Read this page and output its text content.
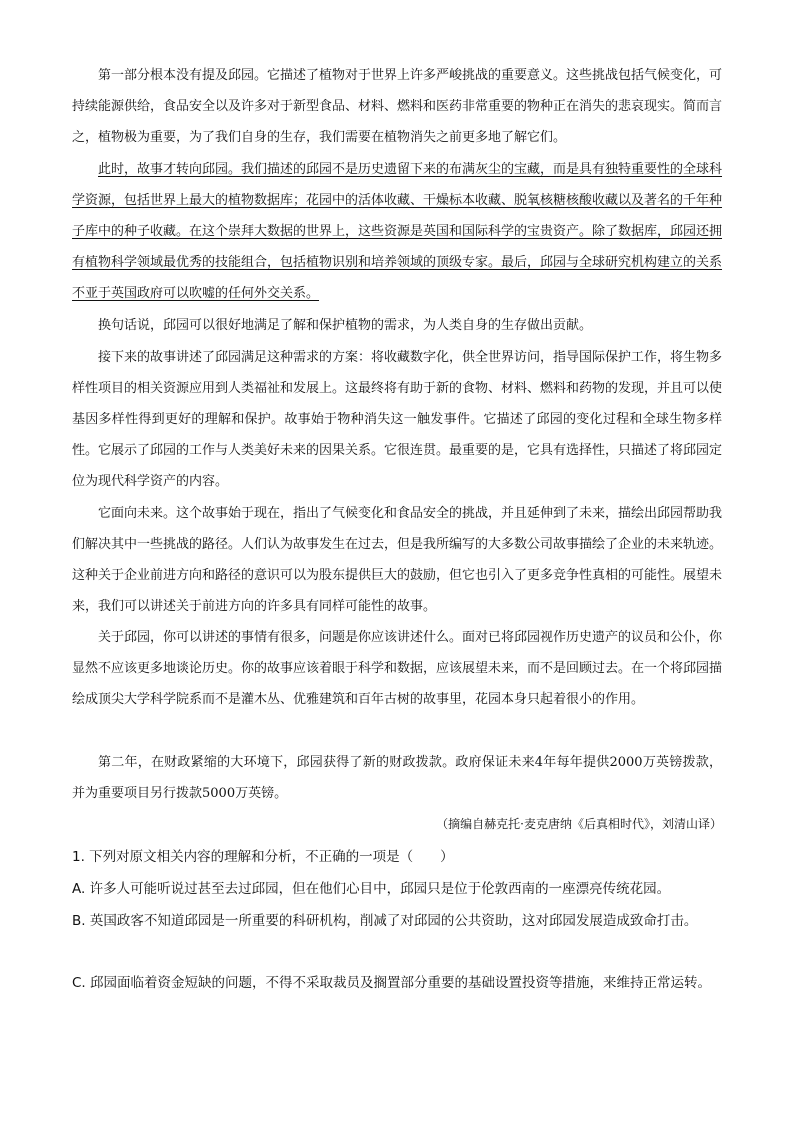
第一部分根本没有提及邱园。它描述了植物对于世界上许多严峻挑战的重要意义。这些挑战包括气候变化，可持续能源供给，食品安全以及许多对于新型食品、材料、燃料和医药非常重要的物种正在消失的悲哀现实。简而言之，植物极为重要，为了我们自身的生存，我们需要在植物消失之前更多地了解它们。

此时，故事才转向邱园。我们描述的邱园不是历史遗留下来的布满灰尘的宝藏，而是具有独特重要性的全球科学资源，包括世界上最大的植物数据库；花园中的活体收藏、干燥标本收藏、脱氧核糖核酸收藏以及著名的千年种子库中的种子收藏。在这个崇拜大数据的世界上，这些资源是英国和国际科学的宝贵资产。除了数据库，邱园还拥有植物科学领域最优秀的技能组合，包括植物识别和培养领域的顶级专家。最后，邱园与全球研究机构建立的关系不亚于英国政府可以吹嘘的任何外交关系。

换句话说，邱园可以很好地满足了解和保护植物的需求，为人类自身的生存做出贡献。

接下来的故事讲述了邱园满足这种需求的方案：将收藏数字化，供全世界访问，指导国际保护工作，将生物多样性项目的相关资源应用到人类福祉和发展上。这最终将有助于新的食物、材料、燃料和药物的发现，并且可以使基因多样性得到更好的理解和保护。故事始于物种消失这一触发事件。它描述了邱园的变化过程和全球生物多样性。它展示了邱园的工作与人类美好未来的因果关系。它很连贯。最重要的是，它具有选择性，只描述了将邱园定位为现代科学资产的内容。

它面向未来。这个故事始于现在，指出了气候变化和食品安全的挑战，并且延伸到了未来，描绘出邱园帮助我们解决其中一些挑战的路径。人们认为故事发生在过去，但是我所编写的大多数公司故事描绘了企业的未来轨迹。这种关于企业前进方向和路径的意识可以为股东提供巨大的鼓励，但它也引入了更多竞争性真相的可能性。展望未来，我们可以讲述关于前进方向的许多具有同样可能性的故事。

关于邱园，你可以讲述的事情有很多，问题是你应该讲述什么。面对已将邱园视作历史遗产的议员和公仆，你显然不应该更多地谈论历史。你的故事应该着眼于科学和数据，应该展望未来，而不是回顾过去。在一个将邱园描绘成顶尖大学科学院系而不是灌木丛、优雅建筑和百年古树的故事里，花园本身只起着很小的作用。

第二年，在财政紧缩的大环境下，邱园获得了新的财政拨款。政府保证未来4年每年提供2000万英镑拨款，并为重要项目另行拨款5000万英镑。

（摘编自赫克托·麦克唐纳《后真相时代》，刘清山译）

1. 下列对原文相关内容的理解和分析，不正确的一项是（　　）

A. 许多人可能听说过甚至去过邱园，但在他们心目中，邱园只是位于伦敦西南的一座漂亮传统花园。

B. 英国政客不知道邱园是一所重要的科研机构，削减了对邱园的公共资助，这对邱园发展造成致命打击。

C. 邱园面临着资金短缺的问题，不得不采取裁员及搁置部分重要的基础设置投资等措施，来维持正常运转。
